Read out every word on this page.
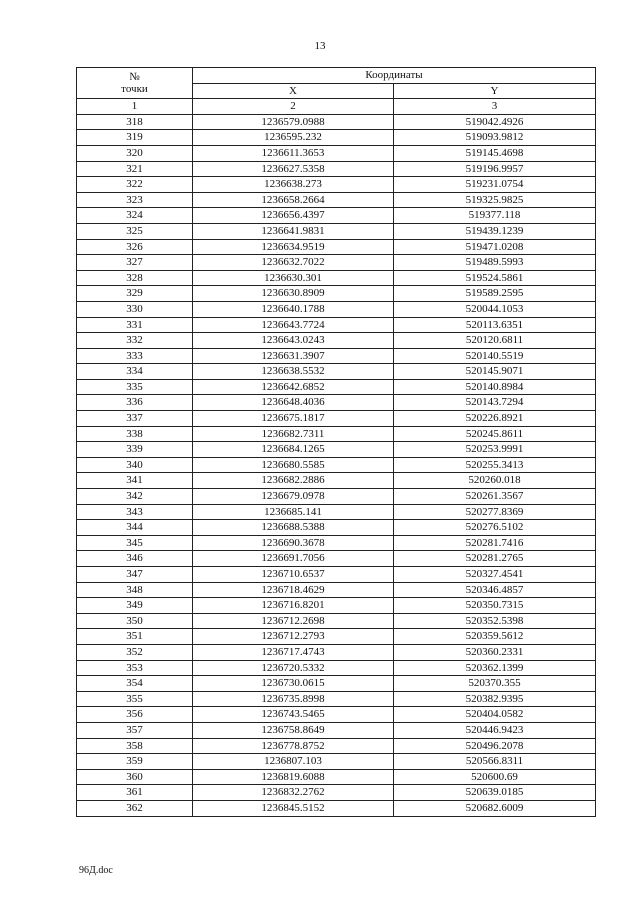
13
№
точки	Координаты	
	X	Y
1	2	3
318	1236579.0988	519042.4926
319	1236595.232	519093.9812
320	1236611.3653	519145.4698
321	1236627.5358	519196.9957
322	1236638.273	519231.0754
323	1236658.2664	519325.9825
324	1236656.4397	519377.118
325	1236641.9831	519439.1239
326	1236634.9519	519471.0208
327	1236632.7022	519489.5993
328	1236630.301	519524.5861
329	1236630.8909	519589.2595
330	1236640.1788	520044.1053
331	1236643.7724	520113.6351
332	1236643.0243	520120.6811
333	1236631.3907	520140.5519
334	1236638.5532	520145.9071
335	1236642.6852	520140.8984
336	1236648.4036	520143.7294
337	1236675.1817	520226.8921
338	1236682.7311	520245.8611
339	1236684.1265	520253.9991
340	1236680.5585	520255.3413
341	1236682.2886	520260.018
342	1236679.0978	520261.3567
343	1236685.141	520277.8369
344	1236688.5388	520276.5102
345	1236690.3678	520281.7416
346	1236691.7056	520281.2765
347	1236710.6537	520327.4541
348	1236718.4629	520346.4857
349	1236716.8201	520350.7315
350	1236712.2698	520352.5398
351	1236712.2793	520359.5612
352	1236717.4743	520360.2331
353	1236720.5332	520362.1399
354	1236730.0615	520370.355
355	1236735.8998	520382.9395
356	1236743.5465	520404.0582
357	1236758.8649	520446.9423
358	1236778.8752	520496.2078
359	1236807.103	520566.8311
360	1236819.6088	520600.69
361	1236832.2762	520639.0185
362	1236845.5152	520682.6009
96Д.doc
